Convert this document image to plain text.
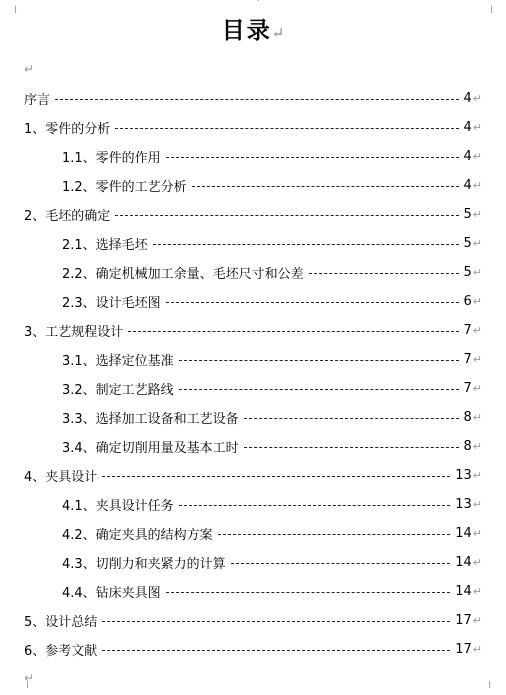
╷	˅	╷
╵	╵
目录↵
↵
序言	4 ↵
1、零件的分析	4 ↵
1.1、零件的作用	4 ↵
1.2、零件的工艺分析	4 ↵
2、毛坯的确定	5 ↵
2.1、选择毛坯	5 ↵
2.2、确定机械加工余量、毛坯尺寸和公差	5 ↵
2.3、设计毛坯图	6 ↵
3、工艺规程设计	7 ↵
3.1、选择定位基准	7 ↵
3.2、制定工艺路线	7 ↵
3.3、选择加工设备和工艺设备	8 ↵
3.4、确定切削用量及基本工时	8 ↵
4、夹具设计	13 ↵
4.1、夹具设计任务	13 ↵
4.2、确定夹具的结构方案	14 ↵
4.3、切削力和夹紧力的计算	14 ↵
4.4、钻床夹具图	14 ↵
5、设计总结	17 ↵
6、参考文献	17 ↵
↵
